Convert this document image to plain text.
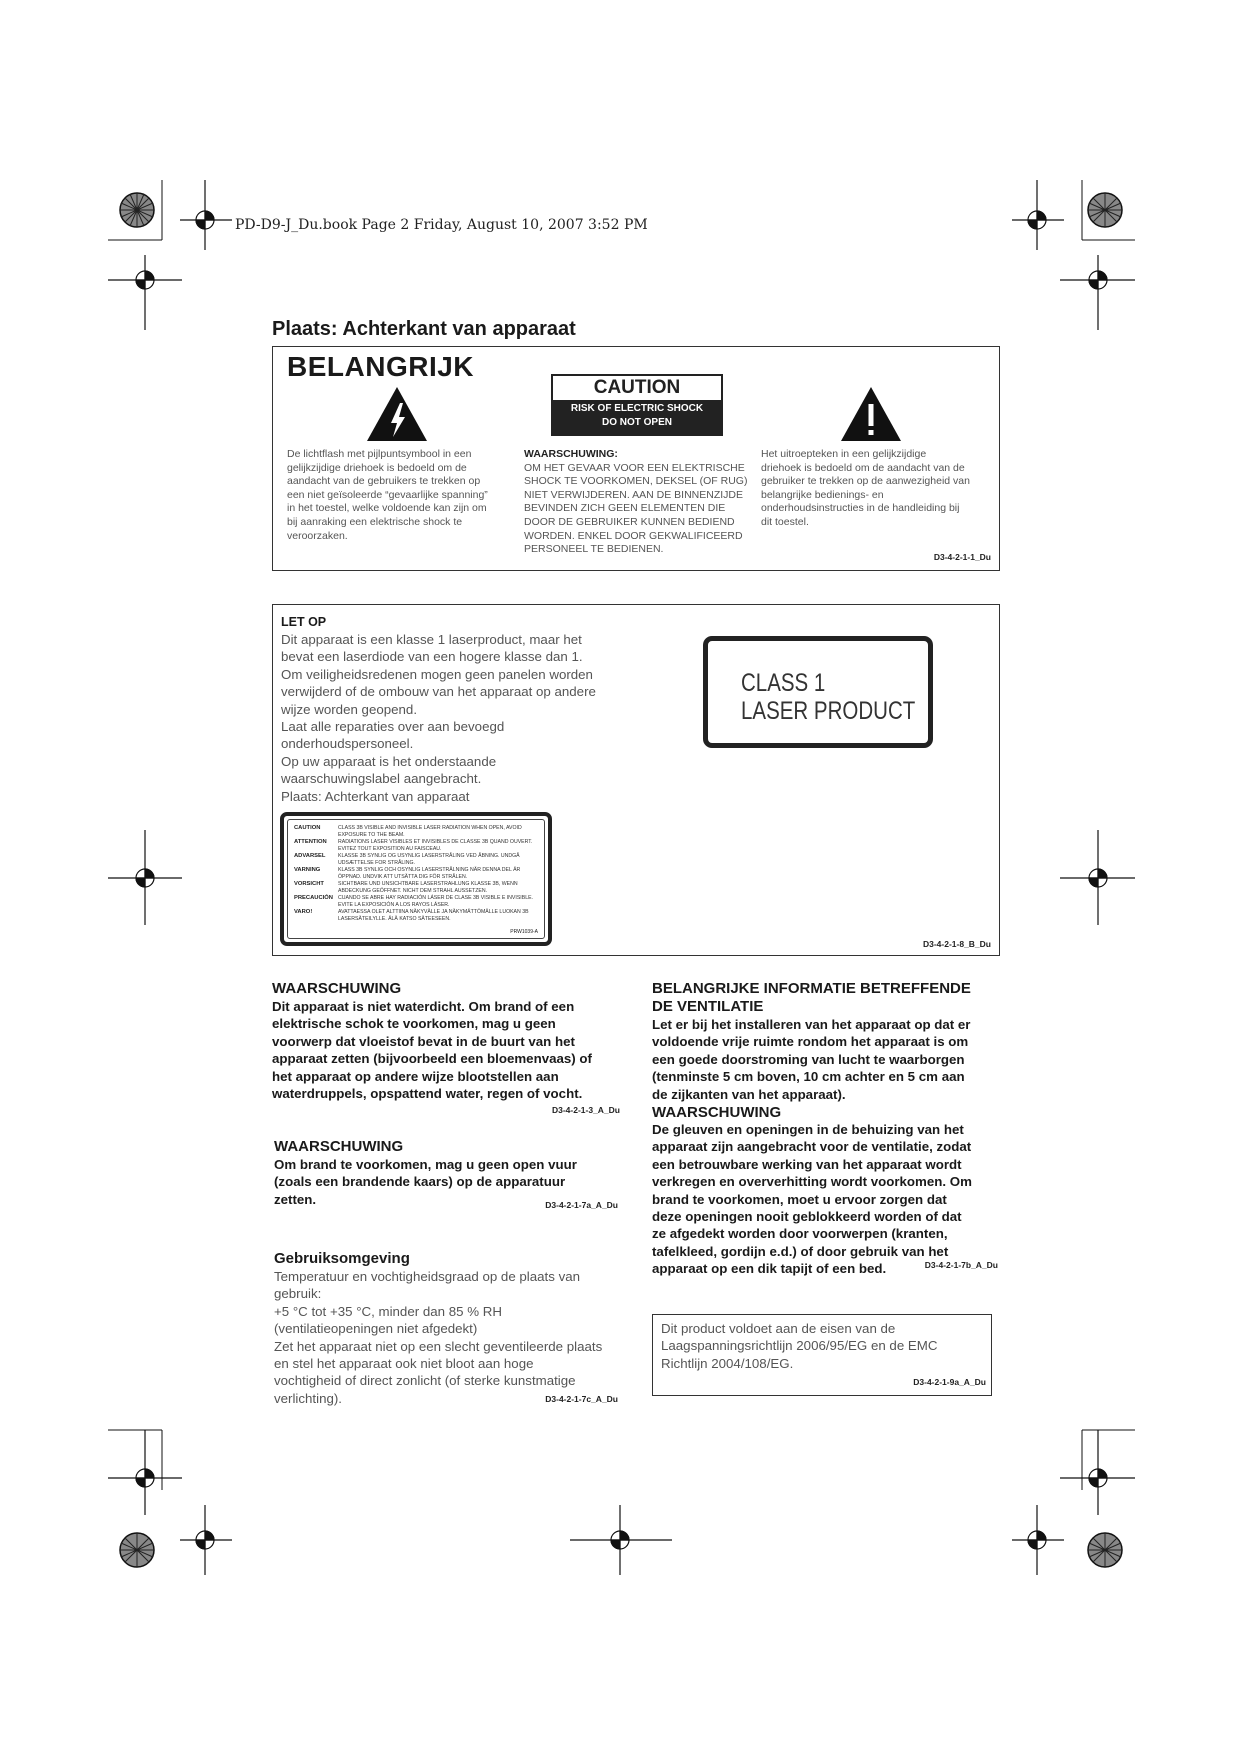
PD-D9-J_Du.book Page 2 Friday, August 10, 2007 3:52 PM
Plaats: Achterkant van apparaat
BELANGRIJK
CAUTION
RISK OF ELECTRIC SHOCK
DO NOT OPEN
De lichtflash met pijlpuntsymbool in een
gelijkzijdige driehoek is bedoeld om de
aandacht van de gebruikers te trekken op
een niet geïsoleerde “gevaarlijke spanning”
in het toestel, welke voldoende kan zijn om
bij aanraking een elektrische shock te
veroorzaken.
WAARSCHUWING:
OM HET GEVAAR VOOR EEN ELEKTRISCHE
SHOCK TE VOORKOMEN, DEKSEL (OF RUG)
NIET VERWIJDEREN. AAN DE BINNENZIJDE
BEVINDEN ZICH GEEN ELEMENTEN DIE
DOOR DE GEBRUIKER KUNNEN BEDIEND
WORDEN. ENKEL DOOR GEKWALIFICEERD
PERSONEEL TE BEDIENEN.
Het uitroepteken in een gelijkzijdige
driehoek is bedoeld om de aandacht van de
gebruiker te trekken op de aanwezigheid van
belangrijke bedienings- en
onderhoudsinstructies in de handleiding bij
dit toestel.
D3-4-2-1-1_Du
LET OP
Dit apparaat is een klasse 1 laserproduct, maar het
bevat een laserdiode van een hogere klasse dan 1.
Om veiligheidsredenen mogen geen panelen worden
verwijderd of de ombouw van het apparaat op andere
wijze worden geopend.
Laat alle reparaties over aan bevoegd
onderhoudspersoneel.
Op uw apparaat is het onderstaande
waarschuwingslabel aangebracht.
Plaats: Achterkant van apparaat
CLASS 1
LASER PRODUCT
CAUTION	CLASS 3B VISIBLE AND INVISIBLE LASER RADIATION WHEN OPEN, AVOID EXPOSURE TO THE BEAM.
ATTENTION	RADIATIONS LASER VISIBLES ET INVISIBLES DE CLASSE 3B QUAND OUVERT. EVITEZ TOUT EXPOSITION AU FAISCEAU.
ADVARSEL	KLASSE 3B SYNLIG OG USYNLIG LASERSTRÅLING VED ÅBNING. UNDGÅ UDSÆTTELSE FOR STRÅLING.
VARNING	KLASS 3B SYNLIG OCH OSYNLIG LASERSTRÅLNING NÄR DENNA DEL ÄR ÖPPNAD. UNDVIK ATT UTSÄTTA DIG FÖR STRÅLEN.
VORSICHT	SICHTBARE UND UNSICHTBARE LASERSTRAHLUNG KLASSE 3B, WENN ABDECKUNG GEÖFFNET. NICHT DEM STRAHL AUSSETZEN.
PRECAUCIÓN CUANDO SE ABRE HAY RADIACIÓN LÁSER DE CLASE 3B VISIBLE E INVISIBLE. EVITE LA EXPOSICIÓN A LOS RAYOS LÁSER.
VARO!	AVATTAESSA OLET ALTTIINA NÄKYVÄLLE JA NÄKYMÄTTÖMÄLLE LUOKAN 3B LASERSÄTEILYLLE. ÄLÄ KATSO SÄTEESEEN.
PRW1039-A
D3-4-2-1-8_B_Du
WAARSCHUWING
Dit apparaat is niet waterdicht. Om brand of een
elektrische schok te voorkomen, mag u geen
voorwerp dat vloeistof bevat in de buurt van het
apparaat zetten (bijvoorbeeld een bloemenvaas) of
het apparaat op andere wijze blootstellen aan
waterdruppels, opspattend water, regen of vocht.
D3-4-2-1-3_A_Du
WAARSCHUWING
Om brand te voorkomen, mag u geen open vuur
(zoals een brandende kaars) op de apparatuur
zetten.	D3-4-2-1-7a_A_Du
Gebruiksomgeving
Temperatuur en vochtigheidsgraad op de plaats van
gebruik:
+5 °C tot +35 °C, minder dan 85 % RH
(ventilatieopeningen niet afgedekt)
Zet het apparaat niet op een slecht geventileerde plaats
en stel het apparaat ook niet bloot aan hoge
vochtigheid of direct zonlicht (of sterke kunstmatige
verlichting).	D3-4-2-1-7c_A_Du
BELANGRIJKE INFORMATIE BETREFFENDE
DE VENTILATIE
Let er bij het installeren van het apparaat op dat er
voldoende vrije ruimte rondom het apparaat is om
een goede doorstroming van lucht te waarborgen
(tenminste 5 cm boven, 10 cm achter en 5 cm aan
de zijkanten van het apparaat).
WAARSCHUWING
De gleuven en openingen in de behuizing van het
apparaat zijn aangebracht voor de ventilatie, zodat
een betrouwbare werking van het apparaat wordt
verkregen en oververhitting wordt voorkomen. Om
brand te voorkomen, moet u ervoor zorgen dat
deze openingen nooit geblokkeerd worden of dat
ze afgedekt worden door voorwerpen (kranten,
tafelkleed, gordijn e.d.) of door gebruik van het
apparaat op een dik tapijt of een bed.	D3-4-2-1-7b_A_Du
Dit product voldoet aan de eisen van de
Laagspanningsrichtlijn 2006/95/EG en de EMC
Richtlijn 2004/108/EG.
D3-4-2-1-9a_A_Du
